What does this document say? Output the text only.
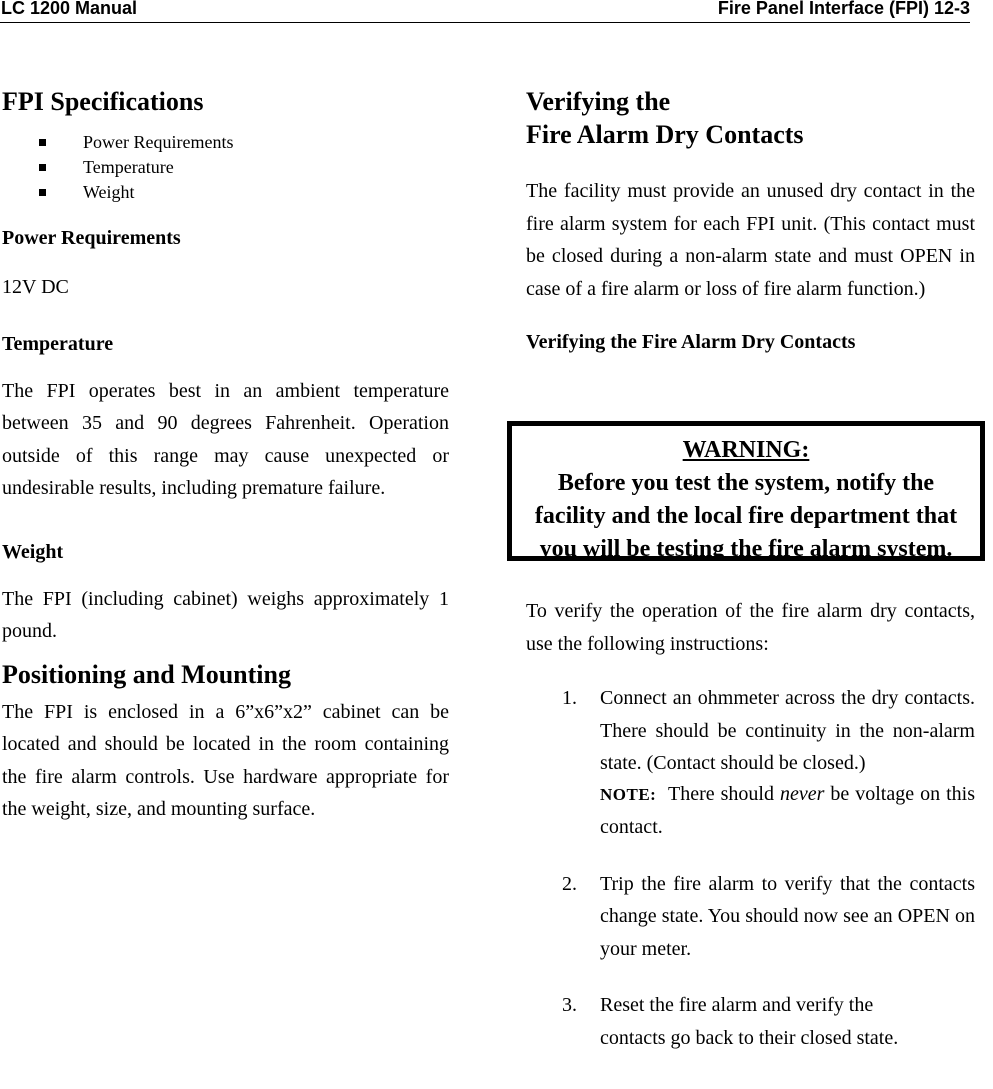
LC 1200 Manual	Fire Panel Interface (FPI) 12-3
FPI Specifications
Power Requirements
Temperature
Weight
Power Requirements

12V DC

Temperature

The FPI operates best in an ambient temperature between 35 and 90 degrees Fahrenheit. Operation outside of this range may cause unexpected or undesirable results, including premature failure.

Weight

The FPI (including cabinet) weighs approximately 1 pound.

Positioning and Mounting

The FPI is enclosed in a 6”x6”x2” cabinet can be located and should be located in the room containing the fire alarm controls. Use hardware appropriate for the weight, size, and mounting surface.

Verifying the
Fire Alarm Dry Contacts

The facility must provide an unused dry contact in the fire alarm system for each FPI unit. (This contact must be closed during a non-alarm state and must OPEN in case of a fire alarm or loss of fire alarm function.)

Verifying the Fire Alarm Dry Contacts
WARNING:
Before you test the system, notify the
facility and the local fire department that
you will be testing the fire alarm system.

To verify the operation of the fire alarm dry contacts, use the following instructions:

1. Connect an ohmmeter across the dry contacts. There should be continuity in the non-alarm state. (Contact should be closed.)

NOTE: There should never be voltage on this contact.

2. Trip the fire alarm to verify that the contacts change state. You should now see an OPEN on your meter.

3. Reset the fire alarm and verify the
contacts go back to their closed state.
